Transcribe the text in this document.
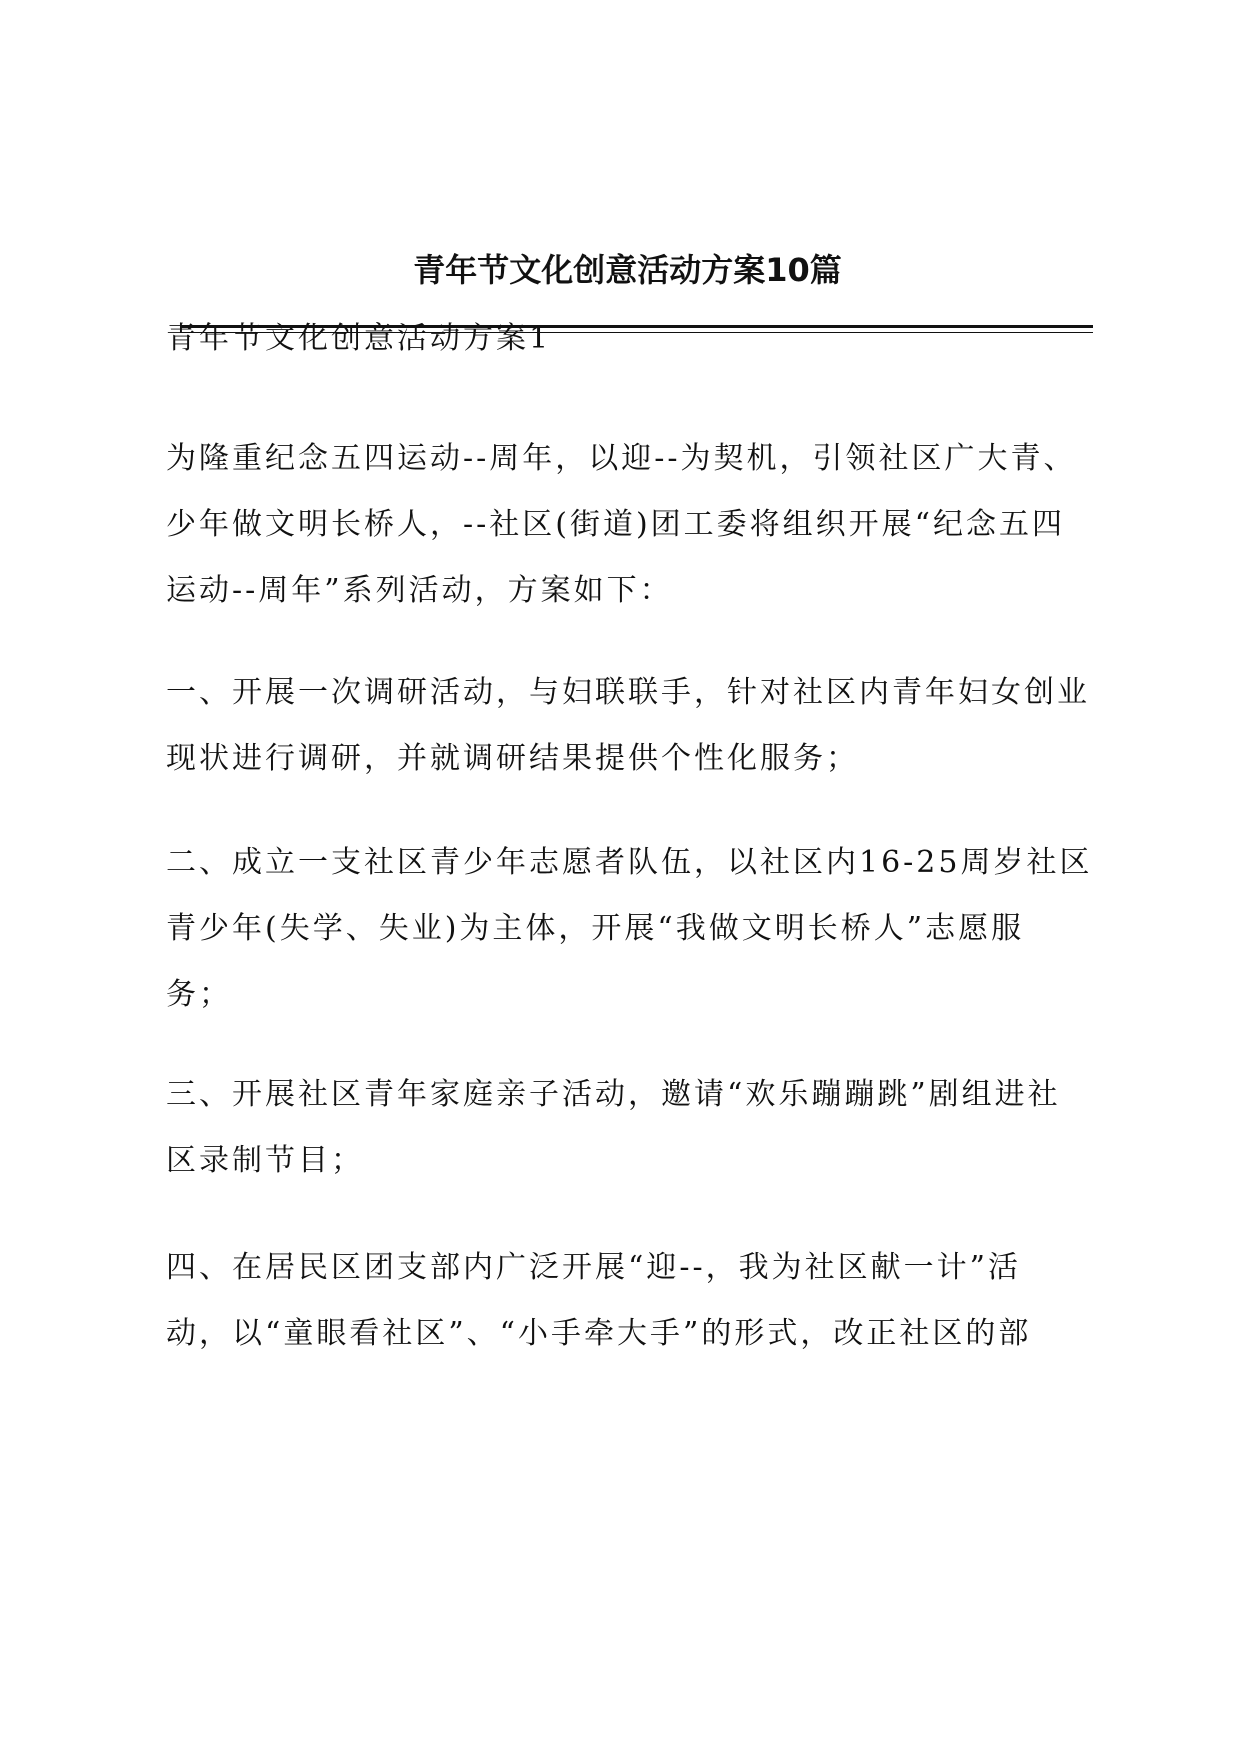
青年节文化创意活动方案10篇
青年节文化创意活动方案1
为隆重纪念五四运动--周年，以迎--为契机，引领社区广大青、
少年做文明长桥人，--社区(街道)团工委将组织开展“纪念五四
运动--周年”系列活动，方案如下：
一、开展一次调研活动，与妇联联手，针对社区内青年妇女创业
现状进行调研，并就调研结果提供个性化服务；
二、成立一支社区青少年志愿者队伍，以社区内16-25周岁社区
青少年(失学、失业)为主体，开展“我做文明长桥人”志愿服
务；
三、开展社区青年家庭亲子活动，邀请“欢乐蹦蹦跳”剧组进社
区录制节目；
四、在居民区团支部内广泛开展“迎--，我为社区献一计”活
动，以“童眼看社区”、“小手牵大手”的形式，改正社区的部
